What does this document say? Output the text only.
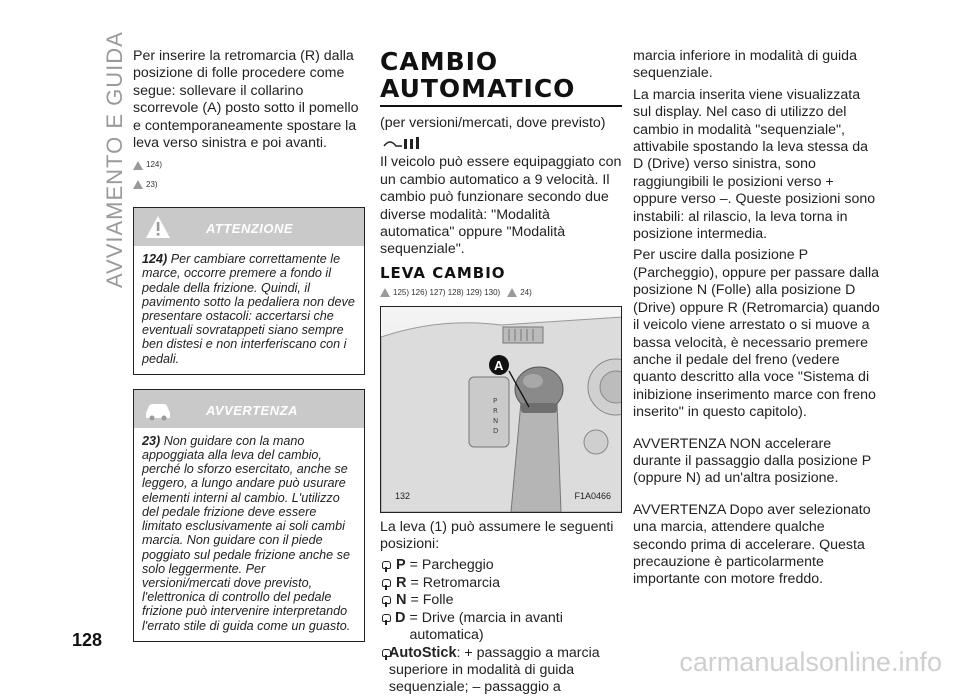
AVVIAMENTO E GUIDA
128

Per inserire la retromarcia (R) dalla posizione di folle procedere come segue: sollevare il collarino scorrevole (A) posto sotto il pomello e contemporaneamente spostare la leva verso sinistra e poi avanti.

124)
23)
ATTENZIONE
124) Per cambiare correttamente le marce, occorre premere a fondo il pedale della frizione. Quindi, il pavimento sotto la pedaliera non deve presentare ostacoli: accertarsi che eventuali sovratappeti siano sempre ben distesi e non interferiscano con i pedali.
AVVERTENZA
23) Non guidare con la mano appoggiata alla leva del cambio, perché lo sforzo esercitato, anche se leggero, a lungo andare può usurare elementi interni al cambio. L'utilizzo del pedale frizione deve essere limitato esclusivamente ai soli cambi marcia. Non guidare con il piede poggiato sul pedale frizione anche se solo leggermente. Per versioni/mercati dove previsto, l'elettronica di controllo del pedale frizione può intervenire interpretando l'errato stile di guida come un guasto.
CAMBIO
AUTOMATICO

(per versioni/mercati, dove previsto)

Il veicolo può essere equipaggiato con un cambio automatico a 9 velocità. Il cambio può funzionare secondo due diverse modalità: "Modalità automatica" oppure "Modalità sequenziale".

LEVA CAMBIO
125) 126) 127) 128) 129) 130)	24)
P
R
N
D
A
132	F1A0466

La leva (1) può assumere le seguenti posizioni:

P = Parcheggio
R = Retromarcia
N = Folle
D = Drive (marcia in avanti automatica)
AutoStick: + passaggio a marcia superiore in modalità di guida sequenziale; – passaggio a

marcia inferiore in modalità di guida sequenziale.

La marcia inserita viene visualizzata sul display. Nel caso di utilizzo del cambio in modalità "sequenziale", attivabile spostando la leva stessa da D (Drive) verso sinistra, sono raggiungibili le posizioni verso + oppure verso –. Queste posizioni sono instabili: al rilascio, la leva torna in posizione intermedia.

Per uscire dalla posizione P (Parcheggio), oppure per passare dalla posizione N (Folle) alla posizione D (Drive) oppure R (Retromarcia) quando il veicolo viene arrestato o si muove a bassa velocità, è necessario premere anche il pedale del freno (vedere quanto descritto alla voce "Sistema di inibizione inserimento marce con freno inserito" in questo capitolo).

AVVERTENZA NON accelerare durante il passaggio dalla posizione P (oppure N) ad un'altra posizione.

AVVERTENZA Dopo aver selezionato una marcia, attendere qualche secondo prima di accelerare. Questa precauzione è particolarmente importante con motore freddo.

carmanualsonline.info
